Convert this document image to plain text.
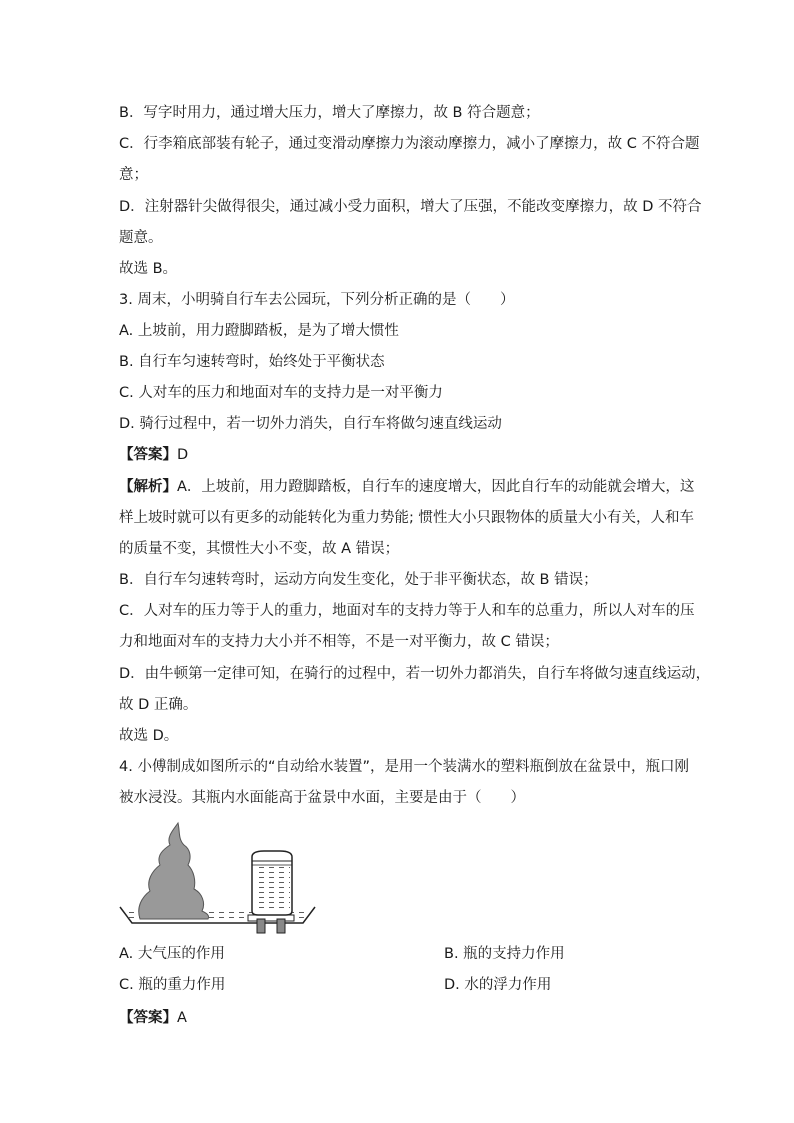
B．写字时用力，通过增大压力，增大了摩擦力，故 B 符合题意；
C．行李箱底部装有轮子，通过变滑动摩擦力为滚动摩擦力，减小了摩擦力，故 C 不符合题
意；
D．注射器针尖做得很尖，通过减小受力面积，增大了压强，不能改变摩擦力，故 D 不符合
题意。
故选 B。
3. 周末，小明骑自行车去公园玩，下列分析正确的是（　　）
A. 上坡前，用力蹬脚踏板，是为了增大惯性
B. 自行车匀速转弯时，始终处于平衡状态
C. 人对车的压力和地面对车的支持力是一对平衡力
D. 骑行过程中，若一切外力消失，自行车将做匀速直线运动
【答案】D
【解析】A．上坡前，用力蹬脚踏板，自行车的速度增大，因此自行车的动能就会增大，这
样上坡时就可以有更多的动能转化为重力势能; 惯性大小只跟物体的质量大小有关，人和车
的质量不变，其惯性大小不变，故 A 错误；
B．自行车匀速转弯时，运动方向发生变化，处于非平衡状态，故 B 错误；
C．人对车的压力等于人的重力，地面对车的支持力等于人和车的总重力，所以人对车的压
力和地面对车的支持力大小并不相等，不是一对平衡力，故 C 错误；
D．由牛顿第一定律可知，在骑行的过程中，若一切外力都消失，自行车将做匀速直线运动，
故 D 正确。
故选 D。
4. 小傅制成如图所示的“自动给水装置”，是用一个装满水的塑料瓶倒放在盆景中，瓶口刚
被水浸没。其瓶内水面能高于盆景中水面，主要是由于（　　）
A. 大气压的作用	B. 瓶的支持力作用
C. 瓶的重力作用	D. 水的浮力作用
【答案】A
